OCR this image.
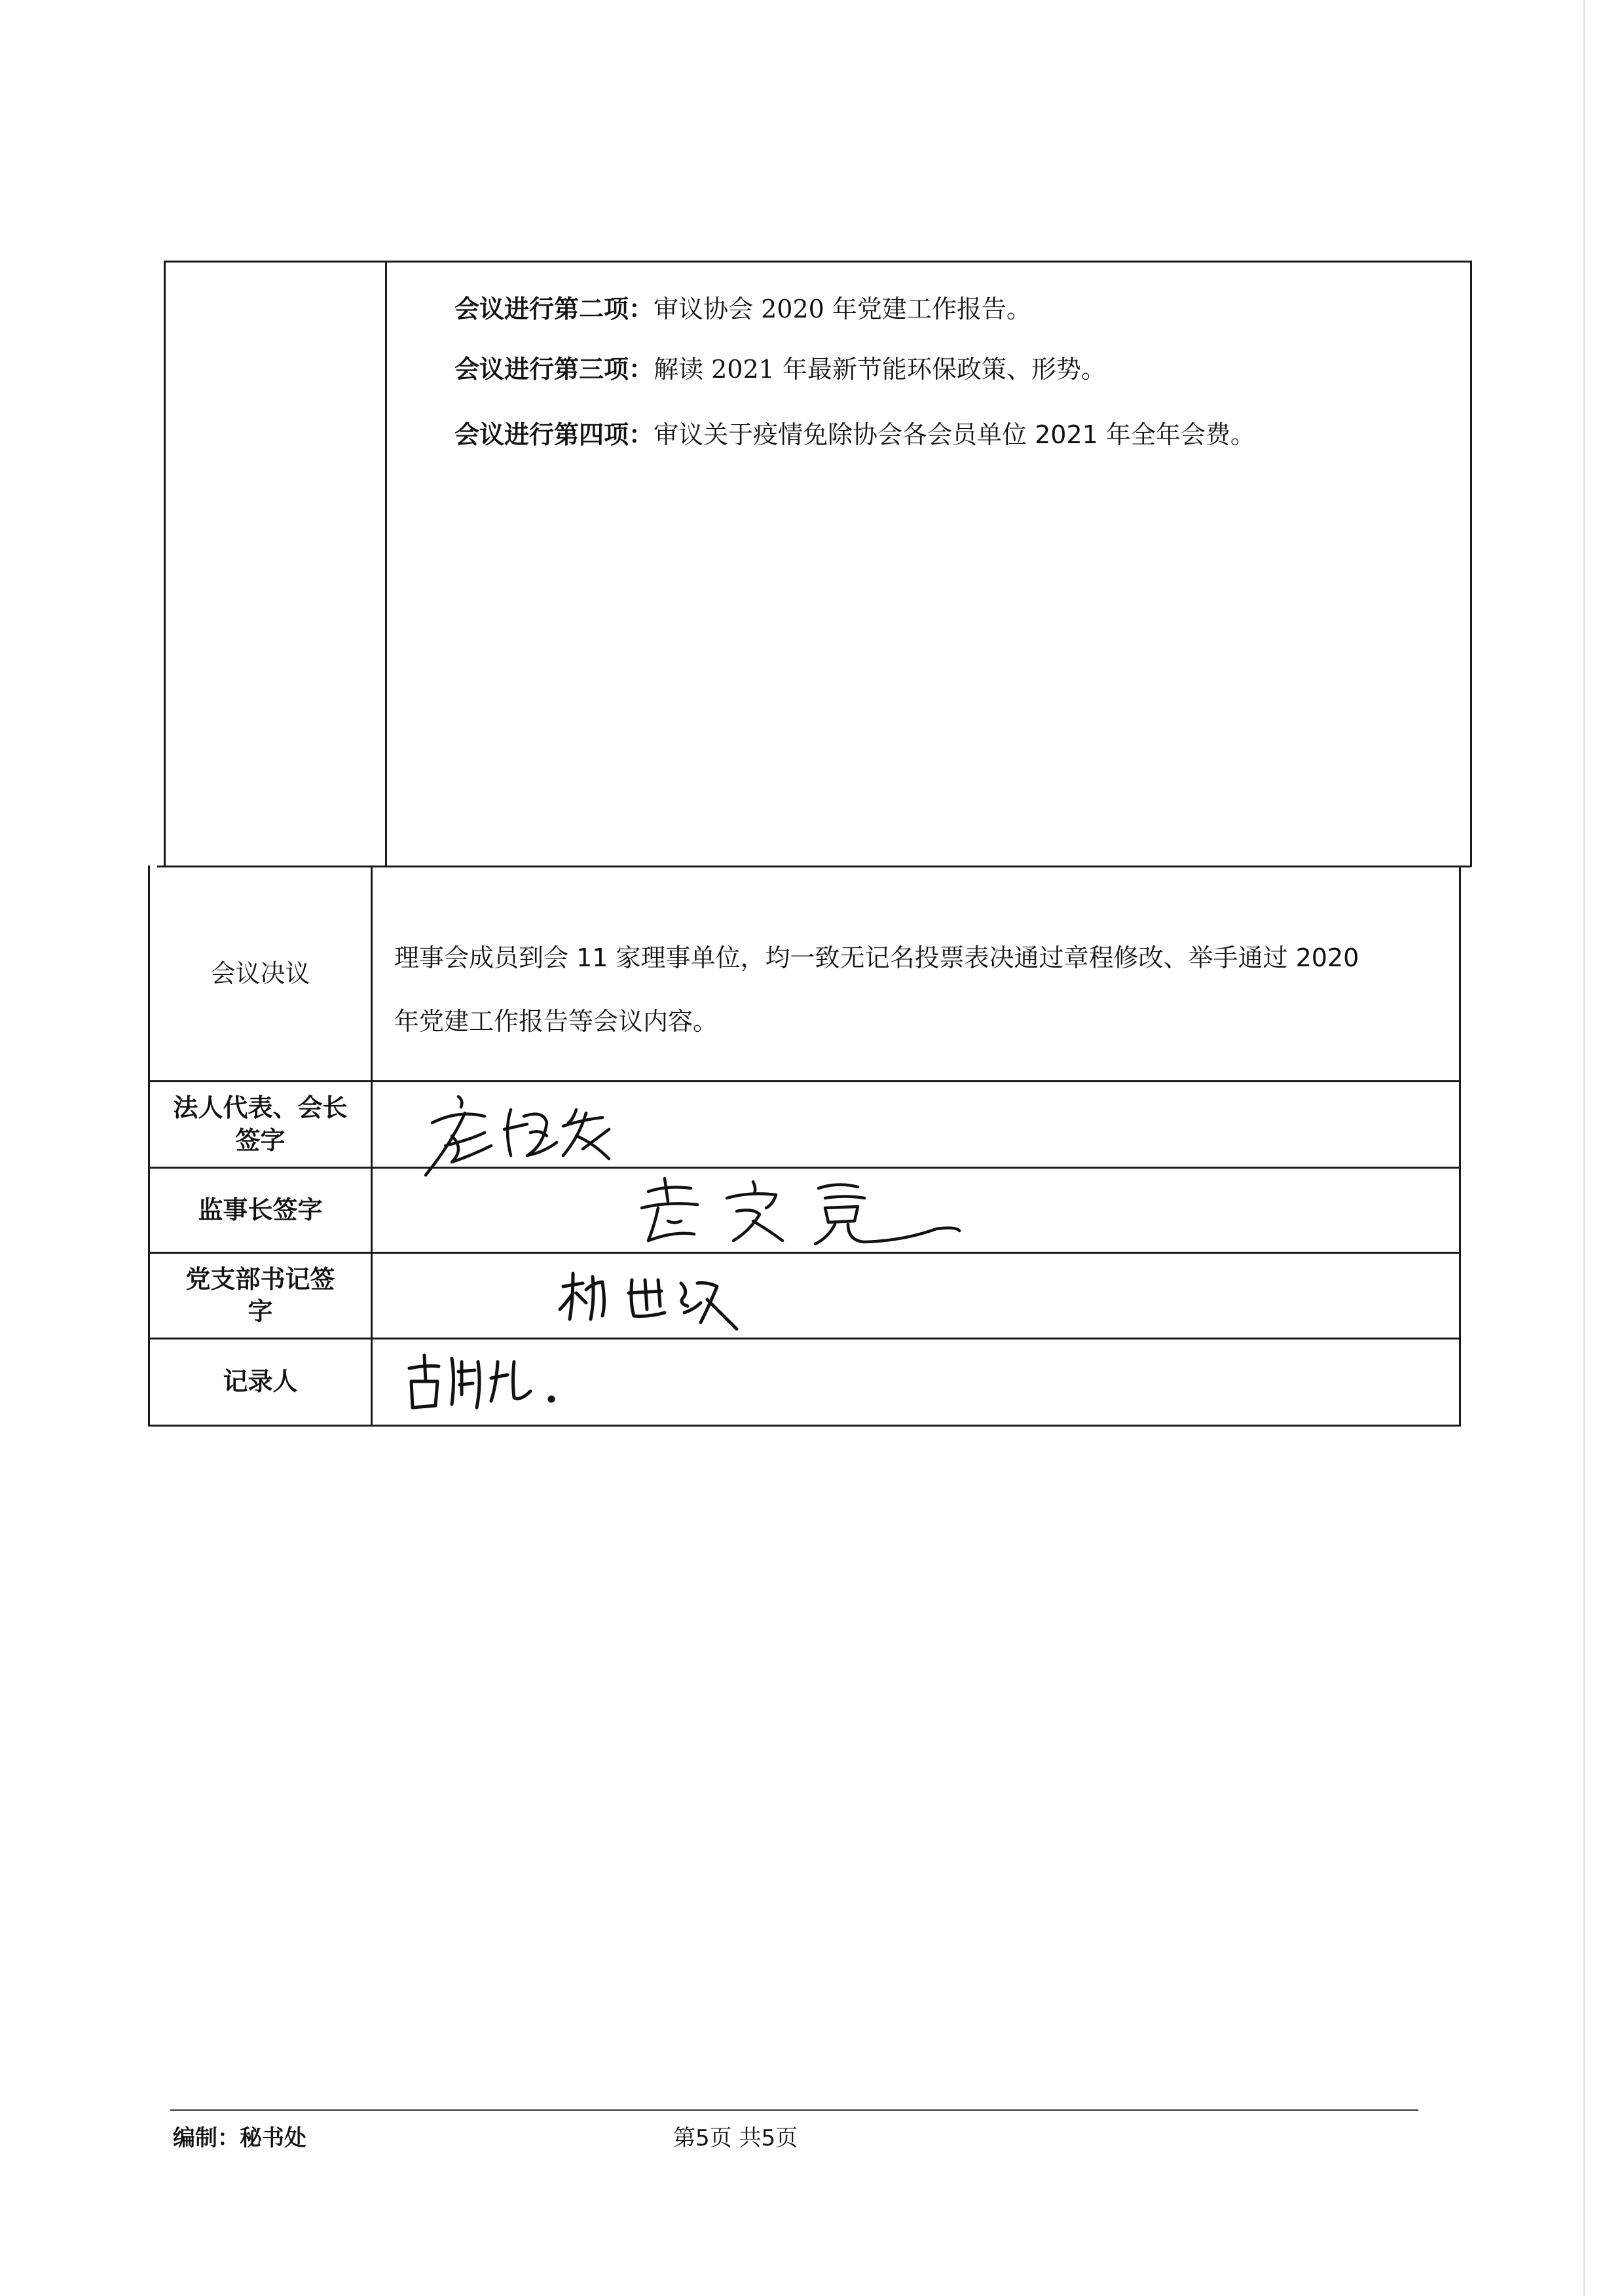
会议进行第二项：审议协会 2020 年党建工作报告。
会议进行第三项：解读 2021 年最新节能环保政策、形势。
会议进行第四项：审议关于疫情免除协会各会员单位 2021 年全年会费。
会议决议
理事会成员到会 11 家理事单位，均一致无记名投票表决通过章程修改、举手通过 2020
年党建工作报告等会议内容。
法人代表、会长
签字
监事长签字
党支部书记签
字
记录人
编制：秘书处	第5页 共5页
